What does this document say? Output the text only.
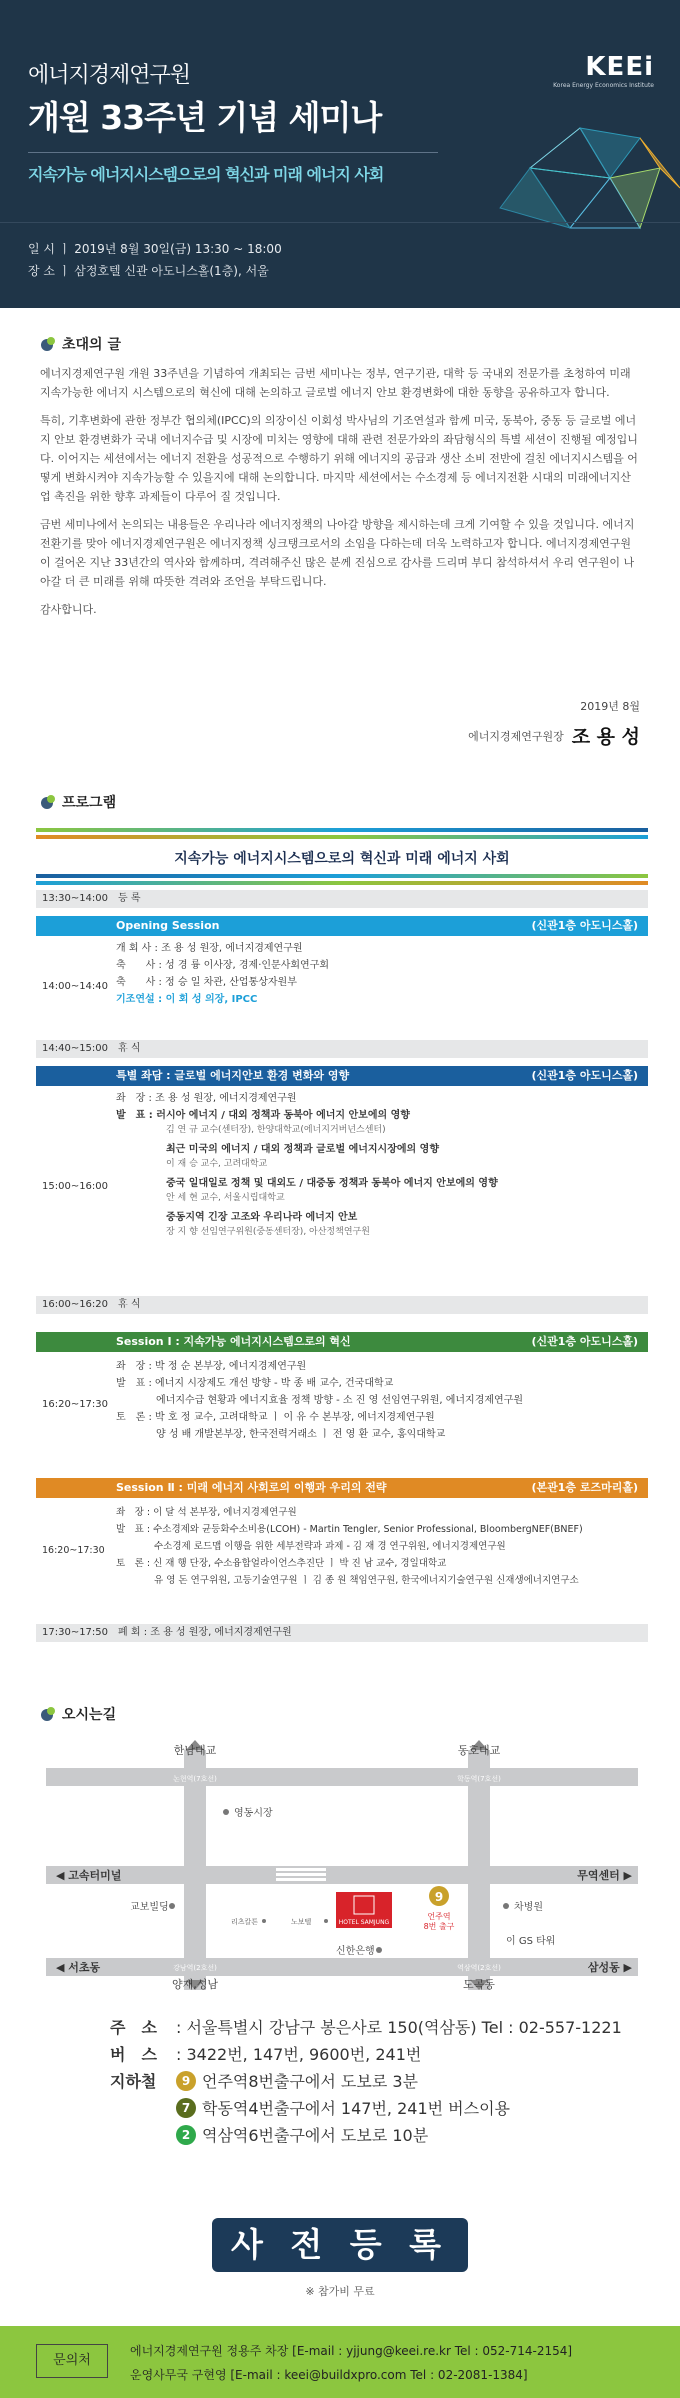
에너지경제연구원
개원 33주년 기념 세미나
지속가능 에너지시스템으로의 혁신과 미래 에너지 사회
KEEi
Korea Energy Economics Institute
일 시 ㅣ 2019년 8월 30일(금) 13:30 ~ 18:00
장 소 ㅣ 삼정호텔 신관 아도니스홀(1층), 서울
초대의 글

에너지경제연구원 개원 33주년을 기념하여 개최되는 금번 세미나는 정부, 연구기관, 대학 등 국내외 전문가를 초청하여 미래 지속가능한 에너지 시스템으로의 혁신에 대해 논의하고 글로벌 에너지 안보 환경변화에 대한 동향을 공유하고자 합니다.

특히, 기후변화에 관한 정부간 협의체(IPCC)의 의장이신 이회성 박사님의 기조연설과 함께 미국, 동북아, 중동 등 글로벌 에너지 안보 환경변화가 국내 에너지수급 및 시장에 미치는 영향에 대해 관련 전문가와의 좌담형식의 특별 세션이 진행될 예정입니다. 이어지는 세션에서는 에너지 전환을 성공적으로 수행하기 위해 에너지의 공급과 생산 소비 전반에 걸친 에너지시스템을 어떻게 변화시켜야 지속가능할 수 있을지에 대해 논의합니다. 마지막 세션에서는 수소경제 등 에너지전환 시대의 미래에너지산업 촉진을 위한 향후 과제들이 다루어 질 것입니다.

금번 세미나에서 논의되는 내용들은 우리나라 에너지정책의 나아갈 방향을 제시하는데 크게 기여할 수 있을 것입니다. 에너지 전환기를 맞아 에너지경제연구원은 에너지정책 싱크탱크로서의 소임을 다하는데 더욱 노력하고자 합니다. 에너지경제연구원이 걸어온 지난 33년간의 역사와 함께하며, 격려해주신 많은 분께 진심으로 감사를 드리며 부디 참석하셔서 우리 연구원이 나아갈 더 큰 미래를 위해 따뜻한 격려와 조언을 부탁드립니다.

감사합니다.

2019년 8월
에너지경제연구원장 조 용 성
프로그램
지속가능 에너지시스템으로의 혁신과 미래 에너지 사회
13:30~14:00　 등 록
Opening Session	(신관1층 아도니스홀)
14:00~14:40
개 회 사 : 조 용 성 원장, 에너지경제연구원
축　　사 : 성 경 륭 이사장, 경제·인문사회연구회
축　　사 : 정 승 일 차관, 산업통상자원부
기조연설 : 이 회 성 의장, IPCC
14:40~15:00　 휴 식
특별 좌담 : 글로벌 에너지안보 환경 변화와 영향	(신관1층 아도니스홀)
15:00~16:00
좌　장 : 조 용 성 원장, 에너지경제연구원
발　표 : 러시아 에너지 / 대외 정책과 동북아 에너지 안보에의 영향
김 연 규 교수(센터장), 한양대학교(에너지거버넌스센터)
최근 미국의 에너지 / 대외 정책과 글로벌 에너지시장에의 영향
이 재 승 교수, 고려대학교
중국 일대일로 정책 및 대외도 / 대중동 정책과 동북아 에너지 안보에의 영향
안 세 현 교수, 서울시립대학교
중동지역 긴장 고조와 우리나라 에너지 안보
장 지 향 선임연구위원(중동센터장), 아산정책연구원
16:00~16:20　 휴 식
Session Ⅰ : 지속가능 에너지시스템으로의 혁신	(신관1층 아도니스홀)
16:20~17:30
좌　장 : 박 정 순 본부장, 에너지경제연구원
발　표 : 에너지 시장제도 개선 방향 - 박 종 배 교수, 건국대학교
　　　　에너지수급 현황과 에너지효율 정책 방향 - 소 진 영 선임연구위원, 에너지경제연구원
토　론 : 박 호 정 교수, 고려대학교 ㅣ 이 유 수 본부장, 에너지경제연구원
　　　　양 성 배 개발본부장, 한국전력거래소 ㅣ 전 영 환 교수, 홍익대학교
Session Ⅱ : 미래 에너지 사회로의 이행과 우리의 전략	(본관1층 로즈마리홀)
16:20~17:30
좌　장 : 이 달 석 본부장, 에너지경제연구원
발　표 : 수소경제와 균등화수소비용(LCOH) - Martin Tengler, Senior Professional, BloombergNEF(BNEF)
　　　　수소경제 로드맵 이행을 위한 세부전략과 과제 - 김 재 경 연구위원, 에너지경제연구원
토　론 : 신 재 행 단장, 수소융합얼라이언스추진단 ㅣ 박 진 남 교수, 경일대학교
　　　　유 영 돈 연구위원, 고등기술연구원 ㅣ 김 종 원 책임연구원, 한국에너지기술연구원 신재생에너지연구소
17:30~17:50　 폐 회 : 조 용 성 원장, 에너지경제연구원
오시는길
한남대교
논현역(7호선)
동호대교
학동역(7호선)
◀ 고속터미널	무역센터 ▶
◀ 서초동	삼성동 ▶
강남역(2호선)
양재,성남
역삼역(2호선)
도곡동
영동시장
교보빌딩
리츠칼튼	노보텔
신한은행
차병원
이 GS 타워
HOTEL SAMJUNG
9
언주역
8번 출구
주　소	: 서울특별시 강남구 봉은사로 150(역삼동) Tel : 02-557-1221
버　스	: 3422번, 147번, 9600번, 241번
지하철	9 언주역8번출구에서 도보로 3분
7 학동역4번출구에서 147번, 241번 버스이용
2 역삼역6번출구에서 도보로 10분
사 전 등 록
※ 참가비 무료
문의처
에너지경제연구원 정용주 차장 [E-mail : yjjung@keei.re.kr Tel : 052-714-2154]
운영사무국 구현영 [E-mail : keei@buildxpro.com Tel : 02-2081-1384]
